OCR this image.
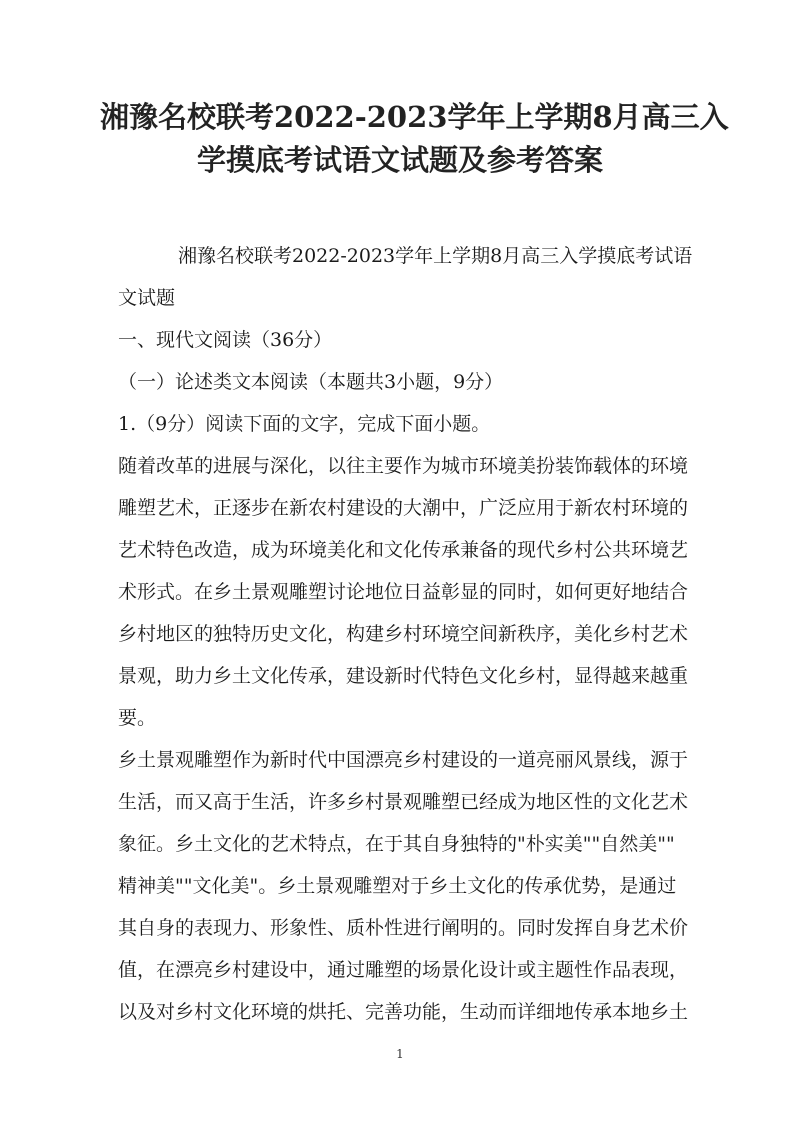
湘豫名校联考2022-2023学年上学期8月高三入
学摸底考试语文试题及参考答案
湘豫名校联考2022-2023学年上学期8月高三入学摸底考试语
文试题
一、现代文阅读（36分）
（一）论述类文本阅读（本题共3小题，9分）
1.（9分）阅读下面的文字，完成下面小题。
随着改革的进展与深化，以往主要作为城市环境美扮装饰载体的环境
雕塑艺术，正逐步在新农村建设的大潮中，广泛应用于新农村环境的
艺术特色改造，成为环境美化和文化传承兼备的现代乡村公共环境艺
术形式。在乡土景观雕塑讨论地位日益彰显的同时，如何更好地结合
乡村地区的独特历史文化，构建乡村环境空间新秩序，美化乡村艺术
景观，助力乡土文化传承，建设新时代特色文化乡村，显得越来越重
要。
乡土景观雕塑作为新时代中国漂亮乡村建设的一道亮丽风景线，源于
生活，而又高于生活，许多乡村景观雕塑已经成为地区性的文化艺术
象征。乡土文化的艺术特点，在于其自身独特的"朴实美""自然美""
精神美""文化美"。乡土景观雕塑对于乡土文化的传承优势，是通过
其自身的表现力、形象性、质朴性进行阐明的。同时发挥自身艺术价
值，在漂亮乡村建设中，通过雕塑的场景化设计或主题性作品表现，
以及对乡村文化环境的烘托、完善功能，生动而详细地传承本地乡土
1
